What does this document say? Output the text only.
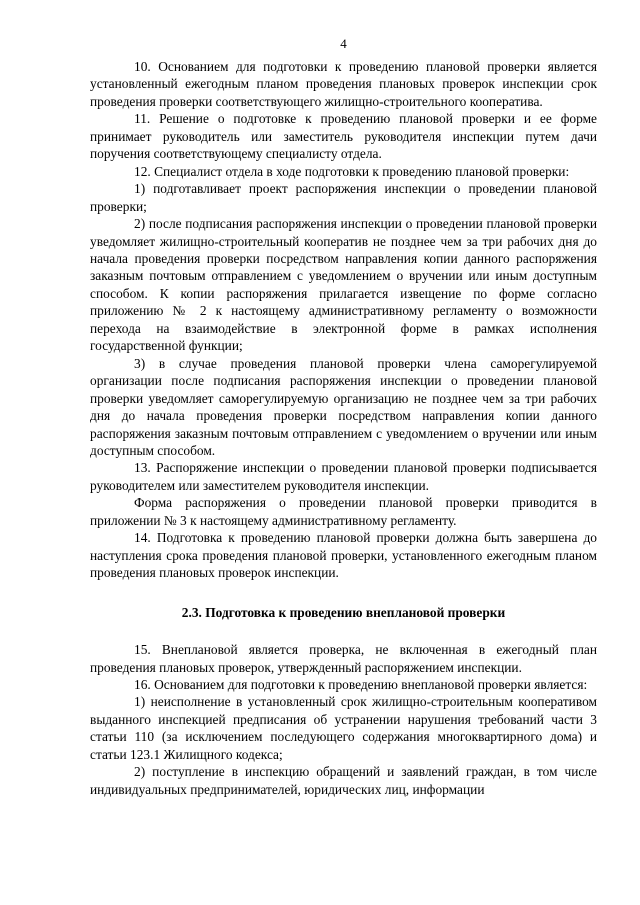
4

10. Основанием для подготовки к проведению плановой проверки является установленный ежегодным планом проведения плановых проверок инспекции срок проведения проверки соответствующего жилищно-строительного кооператива.

11. Решение о подготовке к проведению плановой проверки и ее форме принимает руководитель или заместитель руководителя инспекции путем дачи поручения соответствующему специалисту отдела.

12. Специалист отдела в ходе подготовки к проведению плановой проверки:

1) подготавливает проект распоряжения инспекции о проведении плановой проверки;

2) после подписания распоряжения инспекции о проведении плановой проверки уведомляет жилищно-строительный кооператив не позднее чем за три рабочих дня до начала проведения проверки посредством направления копии данного распоряжения заказным почтовым отправлением с уведомлением о вручении или иным доступным способом. К копии распоряжения прилагается извещение по форме согласно приложению № 2 к настоящему административному регламенту о возможности перехода на взаимодействие в электронной форме в рамках исполнения государственной функции;

3) в случае проведения плановой проверки члена саморегулируемой организации после подписания распоряжения инспекции о проведении плановой проверки уведомляет саморегулируемую организацию не позднее чем за три рабочих дня до начала проведения проверки посредством направления копии данного распоряжения заказным почтовым отправлением с уведомлением о вручении или иным доступным способом.

13. Распоряжение инспекции о проведении плановой проверки подписывается руководителем или заместителем руководителя инспекции.

Форма распоряжения о проведении плановой проверки приводится в приложении № 3 к настоящему административному регламенту.

14. Подготовка к проведению плановой проверки должна быть завершена до наступления срока проведения плановой проверки, установленного ежегодным планом проведения плановых проверок инспекции.

2.3. Подготовка к проведению внеплановой проверки

15. Внеплановой является проверка, не включенная в ежегодный план проведения плановых проверок, утвержденный распоряжением инспекции.

16. Основанием для подготовки к проведению внеплановой проверки является:

1) неисполнение в установленный срок жилищно-строительным кооперативом выданного инспекцией предписания об устранении нарушения требований части 3 статьи 110 (за исключением последующего содержания многоквартирного дома) и статьи 123.1 Жилищного кодекса;

2) поступление в инспекцию обращений и заявлений граждан, в том числе индивидуальных предпринимателей, юридических лиц, информации
